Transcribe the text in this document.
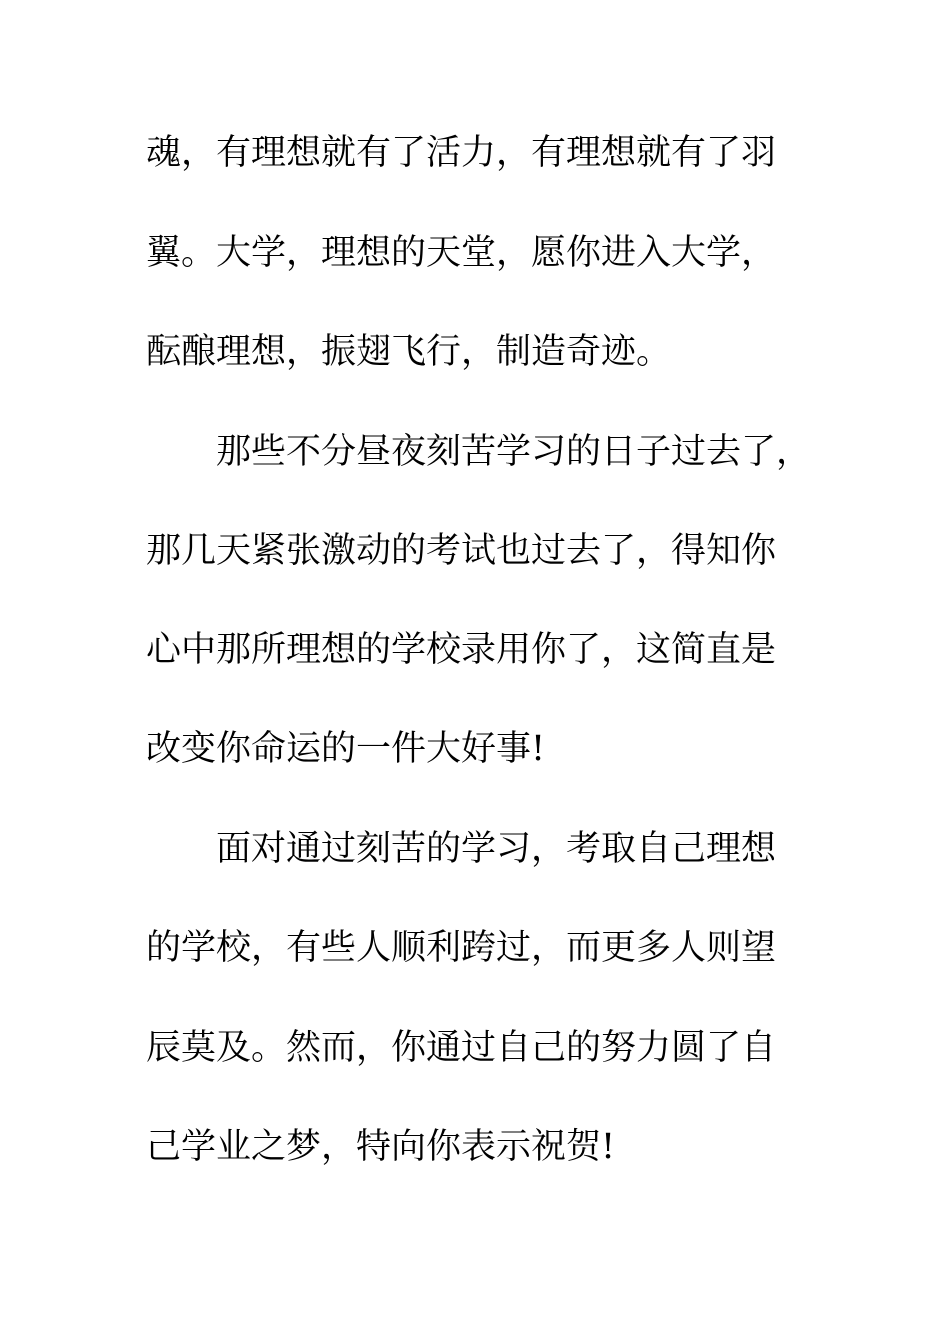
魂，有理想就有了活力，有理想就有了羽
翼。大学，理想的天堂，愿你进入大学，
酝酿理想，振翅飞行，制造奇迹。
那些不分昼夜刻苦学习的日子过去了，
那几天紧张激动的考试也过去了，得知你
心中那所理想的学校录用你了，这简直是
改变你命运的一件大好事!
面对通过刻苦的学习，考取自己理想
的学校，有些人顺利跨过，而更多人则望
辰莫及。然而，你通过自己的努力圆了自
己学业之梦，特向你表示祝贺!
